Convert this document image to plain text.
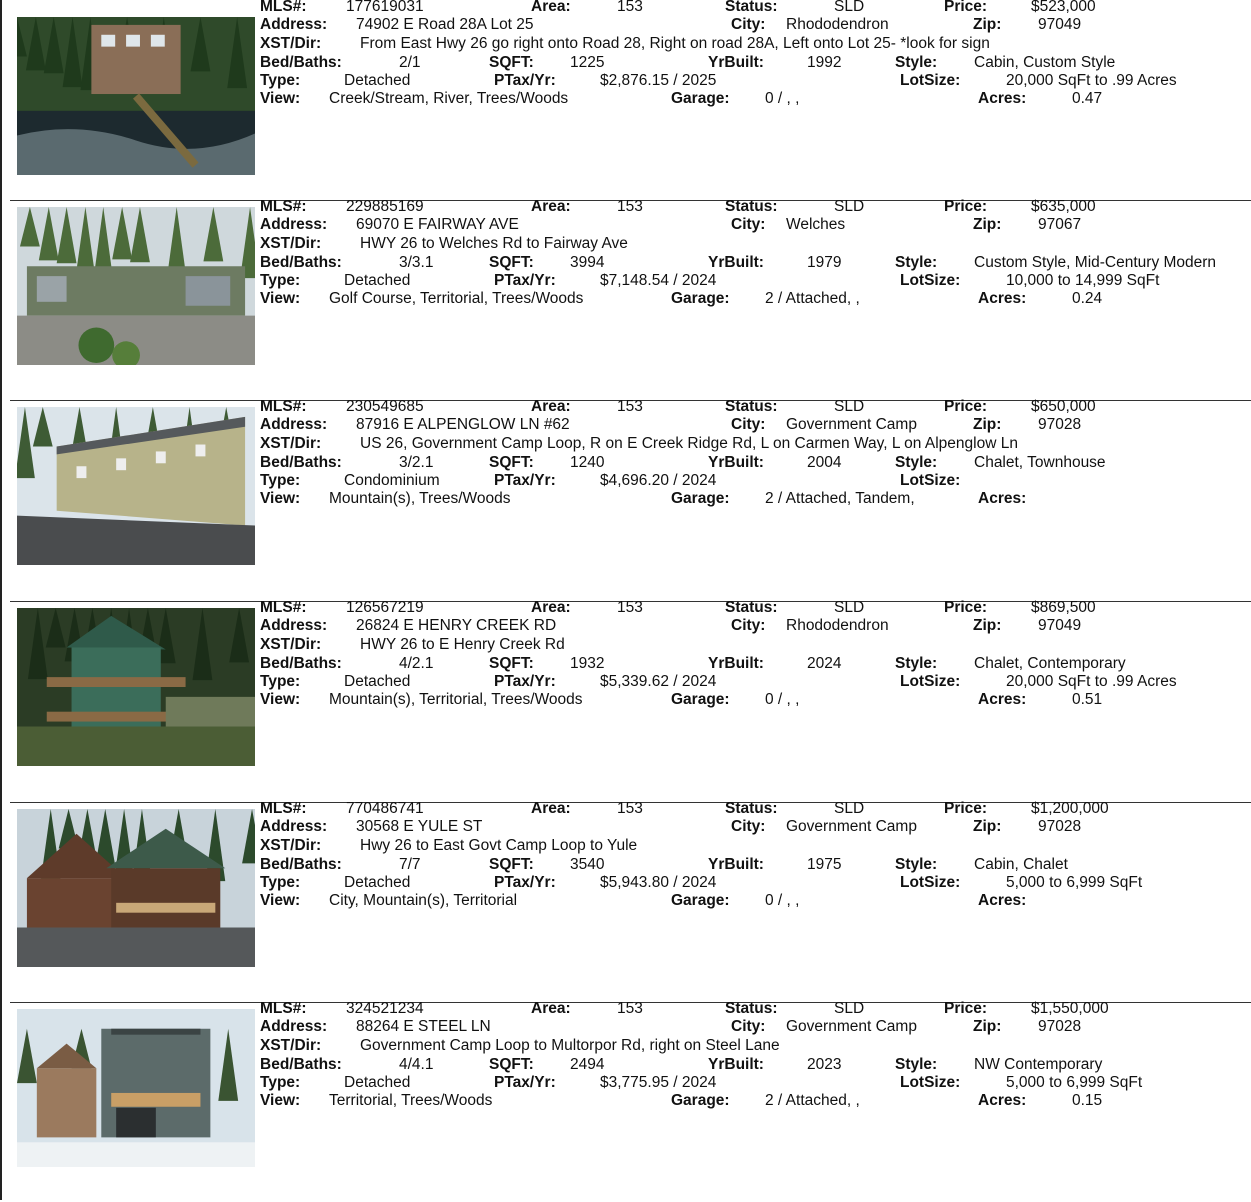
MLS#:	177619031	Area:	153	Status:	SLD	Price:	$523,000
Address: 74902 E Road 28A Lot 25	City: Rhododendron	Zip: 97049
XST/Dir:	From East Hwy 26 go right onto Road 28, Right on road 28A, Left onto Lot 25- *look for sign
Bed/Baths:	2/1	SQFT: 1225	YrBuilt:	1992	Style: Cabin, Custom Style
Type:	Detached	PTax/Yr:	$2,876.15 / 2025	LotSize:	20,000 SqFt to .99 Acres
View: Creek/Stream, River, Trees/Woods	Garage: 0 / , ,	Acres:	0.47
MLS#:	229885169	Area:	153	Status:	SLD	Price:	$635,000
Address: 69070 E FAIRWAY AVE	City: Welches	Zip: 97067
XST/Dir:	HWY 26 to Welches Rd to Fairway Ave
Bed/Baths:	3/3.1	SQFT: 3994	YrBuilt:	1979	Style: Custom Style, Mid-Century Modern
Type:	Detached	PTax/Yr:	$7,148.54 / 2024	LotSize:	10,000 to 14,999 SqFt
View: Golf Course, Territorial, Trees/Woods	Garage: 2 / Attached, ,	Acres:	0.24
MLS#:	230549685	Area:	153	Status:	SLD	Price:	$650,000
Address: 87916 E ALPENGLOW LN #62	City: Government Camp	Zip: 97028
XST/Dir:	US 26, Government Camp Loop, R on E Creek Ridge Rd, L on Carmen Way, L on Alpenglow Ln
Bed/Baths:	3/2.1	SQFT: 1240	YrBuilt:	2004	Style: Chalet, Townhouse
Type:	Condominium	PTax/Yr:	$4,696.20 / 2024	LotSize:
View: Mountain(s), Trees/Woods	Garage: 2 / Attached, Tandem,	Acres:
MLS#:	126567219	Area:	153	Status:	SLD	Price:	$869,500
Address: 26824 E HENRY CREEK RD	City: Rhododendron	Zip: 97049
XST/Dir:	HWY 26 to E Henry Creek Rd
Bed/Baths:	4/2.1	SQFT: 1932	YrBuilt:	2024	Style: Chalet, Contemporary
Type:	Detached	PTax/Yr:	$5,339.62 / 2024	LotSize:	20,000 SqFt to .99 Acres
View: Mountain(s), Territorial, Trees/Woods	Garage: 0 / , ,	Acres:	0.51
MLS#:	770486741	Area:	153	Status:	SLD	Price:	$1,200,000
Address: 30568 E YULE ST	City: Government Camp	Zip: 97028
XST/Dir:	Hwy 26 to East Govt Camp Loop to Yule
Bed/Baths:	7/7	SQFT: 3540	YrBuilt:	1975	Style: Cabin, Chalet
Type:	Detached	PTax/Yr:	$5,943.80 / 2024	LotSize:	5,000 to 6,999 SqFt
View: City, Mountain(s), Territorial	Garage: 0 / , ,	Acres:
MLS#:	324521234	Area:	153	Status:	SLD	Price:	$1,550,000
Address: 88264 E STEEL LN	City: Government Camp	Zip: 97028
XST/Dir:	Government Camp Loop to Multorpor Rd, right on Steel Lane
Bed/Baths:	4/4.1	SQFT: 2494	YrBuilt:	2023	Style: NW Contemporary
Type:	Detached	PTax/Yr:	$3,775.95 / 2024	LotSize:	5,000 to 6,999 SqFt
View: Territorial, Trees/Woods	Garage: 2 / Attached, ,	Acres:	0.15
